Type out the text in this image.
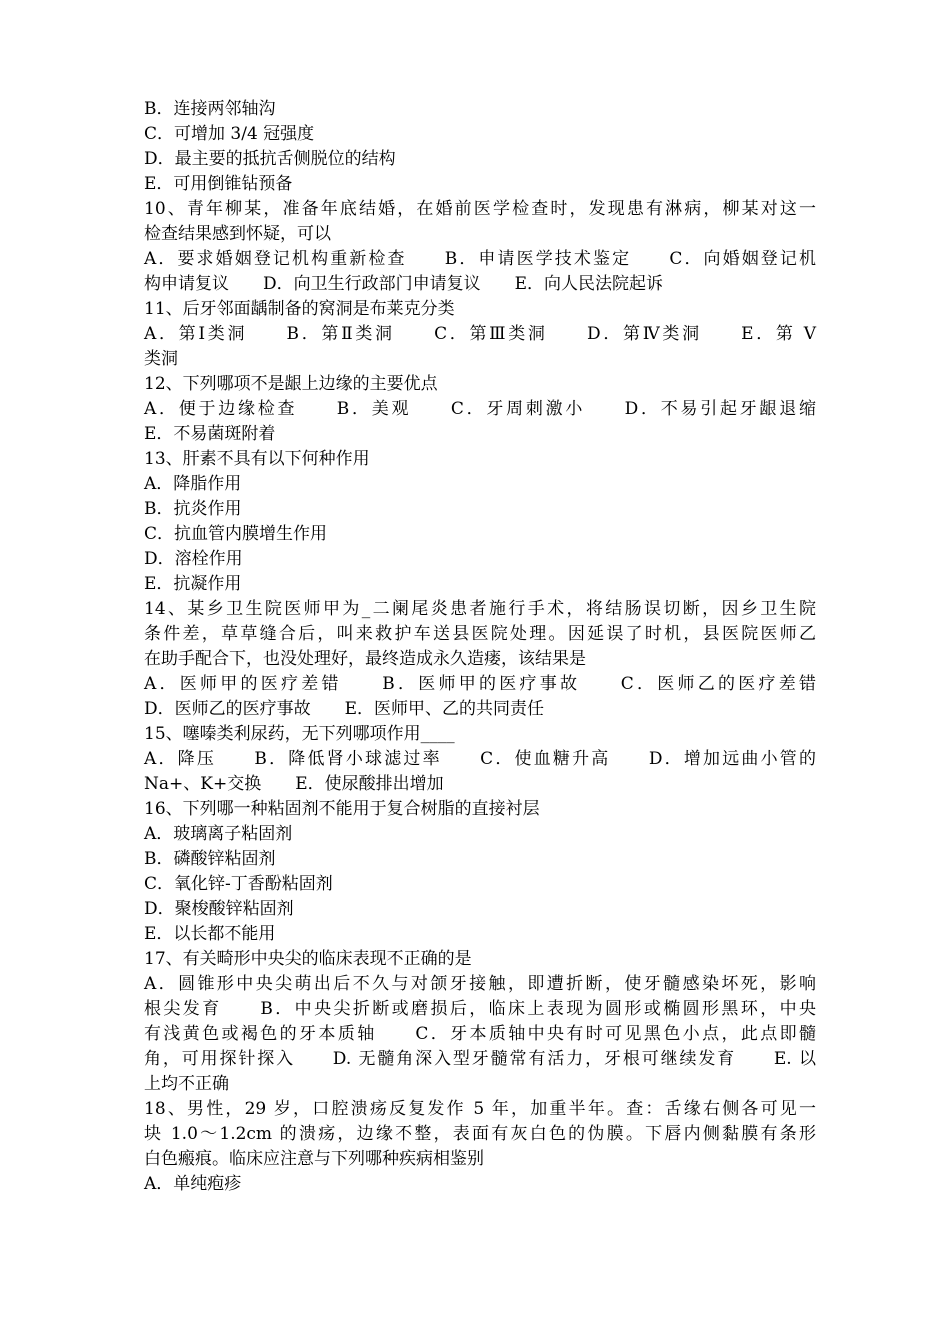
B．连接两邻轴沟
C．可增加 3/4 冠强度
D．最主要的抵抗舌侧脱位的结构
E．可用倒锥钻预备
10、青年柳某，准备年底结婚，在婚前医学检查时，发现患有淋病，柳某对这一
检查结果感到怀疑，可以
A．要求婚姻登记机构重新检查　　B．申请医学技术鉴定　　C．向婚姻登记机
构申请复议　　D．向卫生行政部门申请复议　　E．向人民法院起诉
11、后牙邻面龋制备的窝洞是布莱克分类
A．第Ⅰ类洞　　B．第Ⅱ类洞　　C．第Ⅲ类洞　　D．第Ⅳ类洞　　E．第 Ⅴ
类洞
12、下列哪项不是龈上边缘的主要优点
A．便于边缘检查　　B．美观　　C．牙周刺激小　　D．不易引起牙龈退缩
E．不易菌斑附着
13、肝素不具有以下何种作用
A．降脂作用
B．抗炎作用
C．抗血管内膜增生作用
D．溶栓作用
E．抗凝作用
14、某乡卫生院医师甲为_二阑尾炎患者施行手术，将结肠误切断，因乡卫生院
条件差，草草缝合后，叫来救护车送县医院处理。因延误了时机，县医院医师乙
在助手配合下，也没处理好，最终造成永久造瘘，该结果是
A．医师甲的医疗差错　　B．医师甲的医疗事故　　C．医师乙的医疗差错
D．医师乙的医疗事故　　E．医师甲、乙的共同责任
15、噻嗪类利尿药，无下列哪项作用____
A．降压　　B．降低肾小球滤过率　　C．使血糖升高　　D．增加远曲小管的
Na+、K+交换　　E．使尿酸排出增加
16、下列哪一种粘固剂不能用于复合树脂的直接衬层
A．玻璃离子粘固剂
B．磷酸锌粘固剂
C．氧化锌-丁香酚粘固剂
D．聚梭酸锌粘固剂
E．以长都不能用
17、有关畸形中央尖的临床表现不正确的是
A．圆锥形中央尖萌出后不久与对颌牙接触，即遭折断，使牙髓感染坏死，影响
根尖发育　　B．中央尖折断或磨损后，临床上表现为圆形或椭圆形黑环，中央
有浅黄色或褐色的牙本质轴　　C．牙本质轴中央有时可见黑色小点，此点即髓
角，可用探针探入　　D. 无髓角深入型牙髓常有活力，牙根可继续发育　　E. 以
上均不正确
18、男性，29 岁，口腔溃疡反复发作 5 年，加重半年。查：舌缘右侧各可见一
块 1.0～1.2cm 的溃疡，边缘不整，表面有灰白色的伪膜。下唇内侧黏膜有条形
白色瘢痕。临床应注意与下列哪种疾病相鉴别
A．单纯疱疹
